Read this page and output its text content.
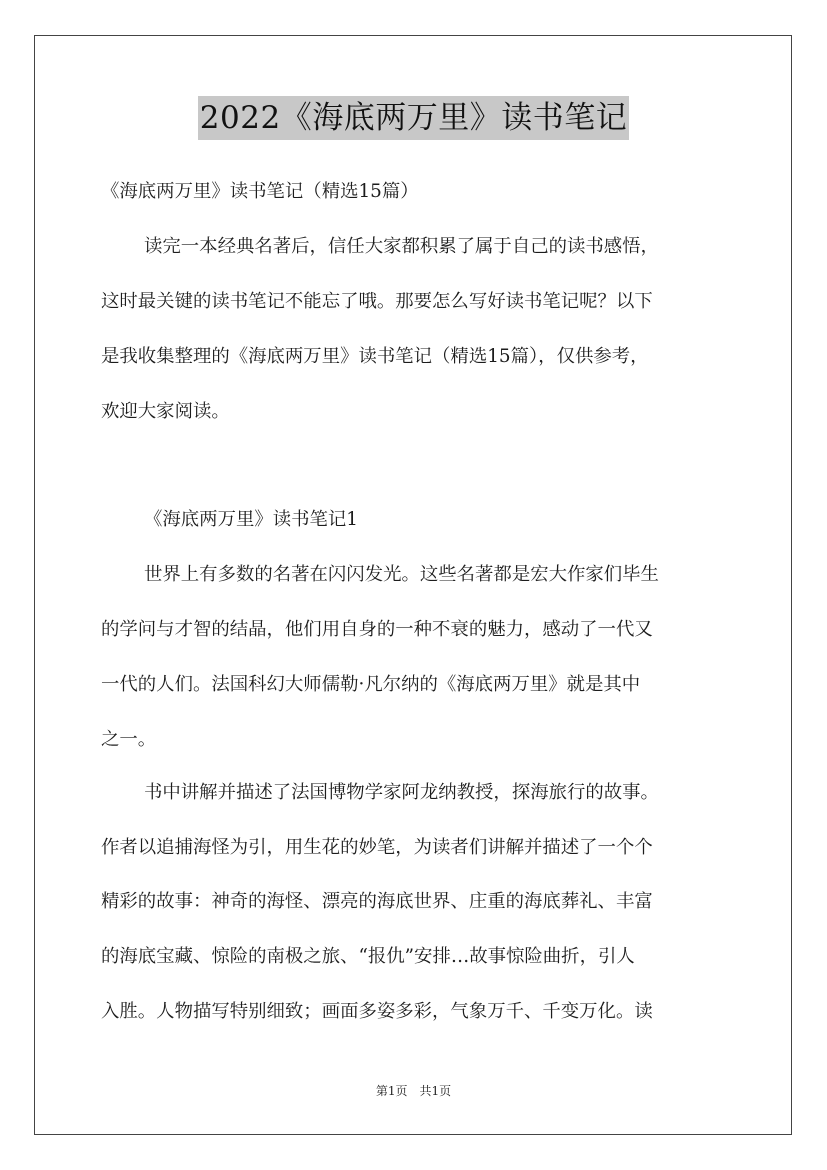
2022《海底两万里》读书笔记
《海底两万里》读书笔记（精选15篇）
读完一本经典名著后，信任大家都积累了属于自己的读书感悟，
这时最关键的读书笔记不能忘了哦。那要怎么写好读书笔记呢？以下
是我收集整理的《海底两万里》读书笔记（精选15篇），仅供参考，
欢迎大家阅读。
《海底两万里》读书笔记1
世界上有多数的名著在闪闪发光。这些名著都是宏大作家们毕生
的学问与才智的结晶，他们用自身的一种不衰的魅力，感动了一代又
一代的人们。法国科幻大师儒勒·凡尔纳的《海底两万里》就是其中
之一。
书中讲解并描述了法国博物学家阿龙纳教授，探海旅行的故事。
作者以追捕海怪为引，用生花的妙笔，为读者们讲解并描述了一个个
精彩的故事：神奇的海怪、漂亮的海底世界、庄重的海底葬礼、丰富
的海底宝藏、惊险的南极之旅、“报仇”安排…故事惊险曲折，引人
入胜。人物描写特别细致；画面多姿多彩，气象万千、千变万化。读
第1页　共1页
